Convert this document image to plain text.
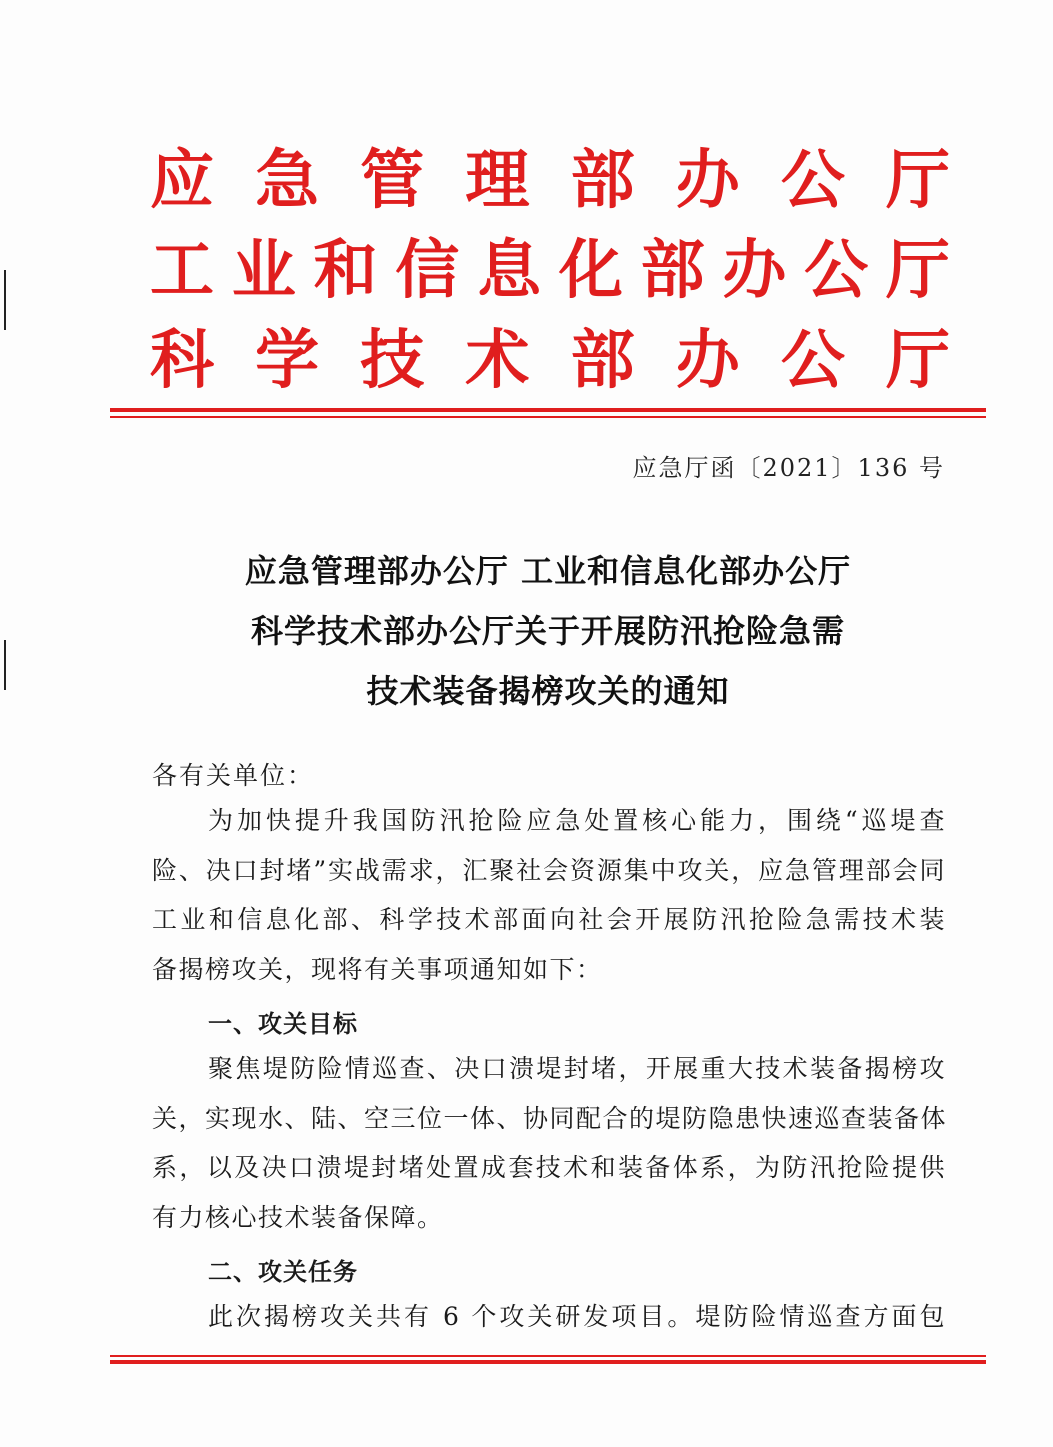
应 急 管 理 部 办 公 厅
工 业 和 信 息 化 部 办 公 厅
科 学 技 术 部 办 公 厅
应急厅函〔2021〕136 号
应急管理部办公厅 工业和信息化部办公厅
科学技术部办公厅关于开展防汛抢险急需
技术装备揭榜攻关的通知
各有关单位：
为加快提升我国防汛抢险应急处置核心能力，围绕“巡堤查
险、决口封堵”实战需求，汇聚社会资源集中攻关，应急管理部会同
工业和信息化部、科学技术部面向社会开展防汛抢险急需技术装
备揭榜攻关，现将有关事项通知如下：
一、攻关目标
聚焦堤防险情巡查、决口溃堤封堵，开展重大技术装备揭榜攻
关，实现水、陆、空三位一体、协同配合的堤防隐患快速巡查装备体
系，以及决口溃堤封堵处置成套技术和装备体系，为防汛抢险提供
有力核心技术装备保障。
二、攻关任务
此次揭榜攻关共有 6 个攻关研发项目。堤防险情巡查方面包
